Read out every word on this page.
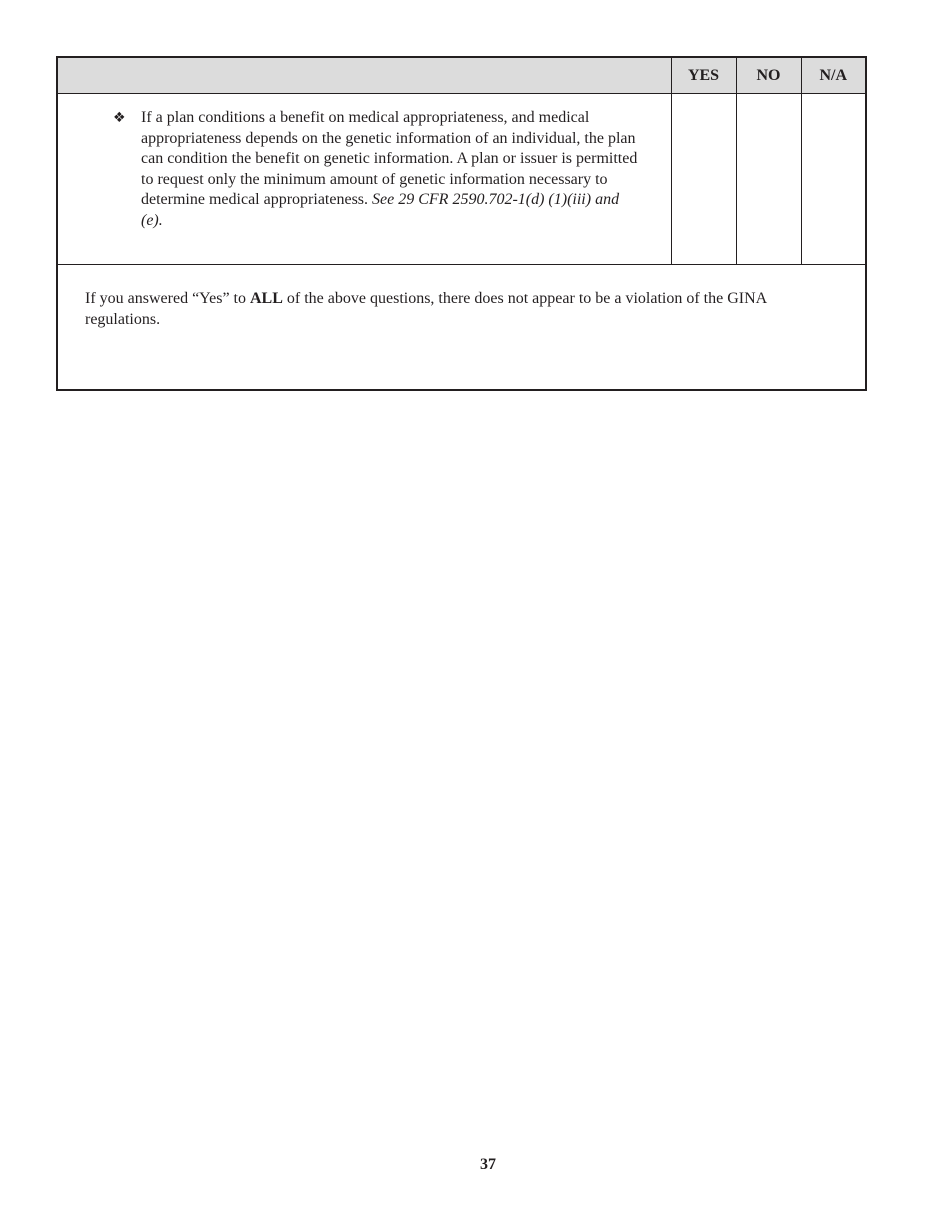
	YES	NO	N/A

❖ If a plan conditions a benefit on medical appropriateness, and medical appropriateness depends on the genetic information of an individual, the plan can condition the benefit on genetic information. A plan or issuer is permitted to request only the minimum amount of genetic information necessary to determine medical appropriateness. See 29 CFR 2590.702-1(d) (1)(iii) and (e).			

If you answered “Yes” to ALL of the above questions, there does not appear to be a violation of the GINA regulations.			
37
